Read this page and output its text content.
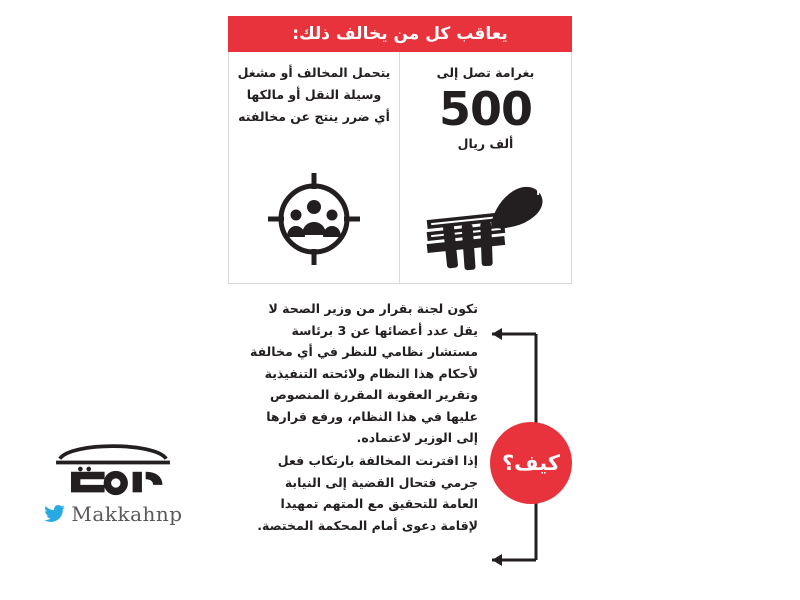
يعاقب كل من يخالف ذلك:
يتحمل المخالف أو مشغل وسيلة النقل أو مالكها أي ضرر ينتج عن مخالفته
بغرامة تصل إلى
500
ألف ريال
تكون لجنة بقرار من وزير الصحة لا يقل عدد أعضائها عن 3 برئاسة مستشار نظامي للنظر في أي مخالفة لأحكام هذا النظام ولائحته التنفيذية وتقرير العقوبة المقررة المنصوص عليها في هذا النظام، ورفع قرارها إلى الوزير لاعتماده.
إذا اقترنت المخالفة بارتكاب فعل جرمي فتحال القضية إلى النيابة العامة للتحقيق مع المتهم تمهيدا لإقامة دعوى أمام المحكمة المختصة.
كيف؟
Makkahnp
